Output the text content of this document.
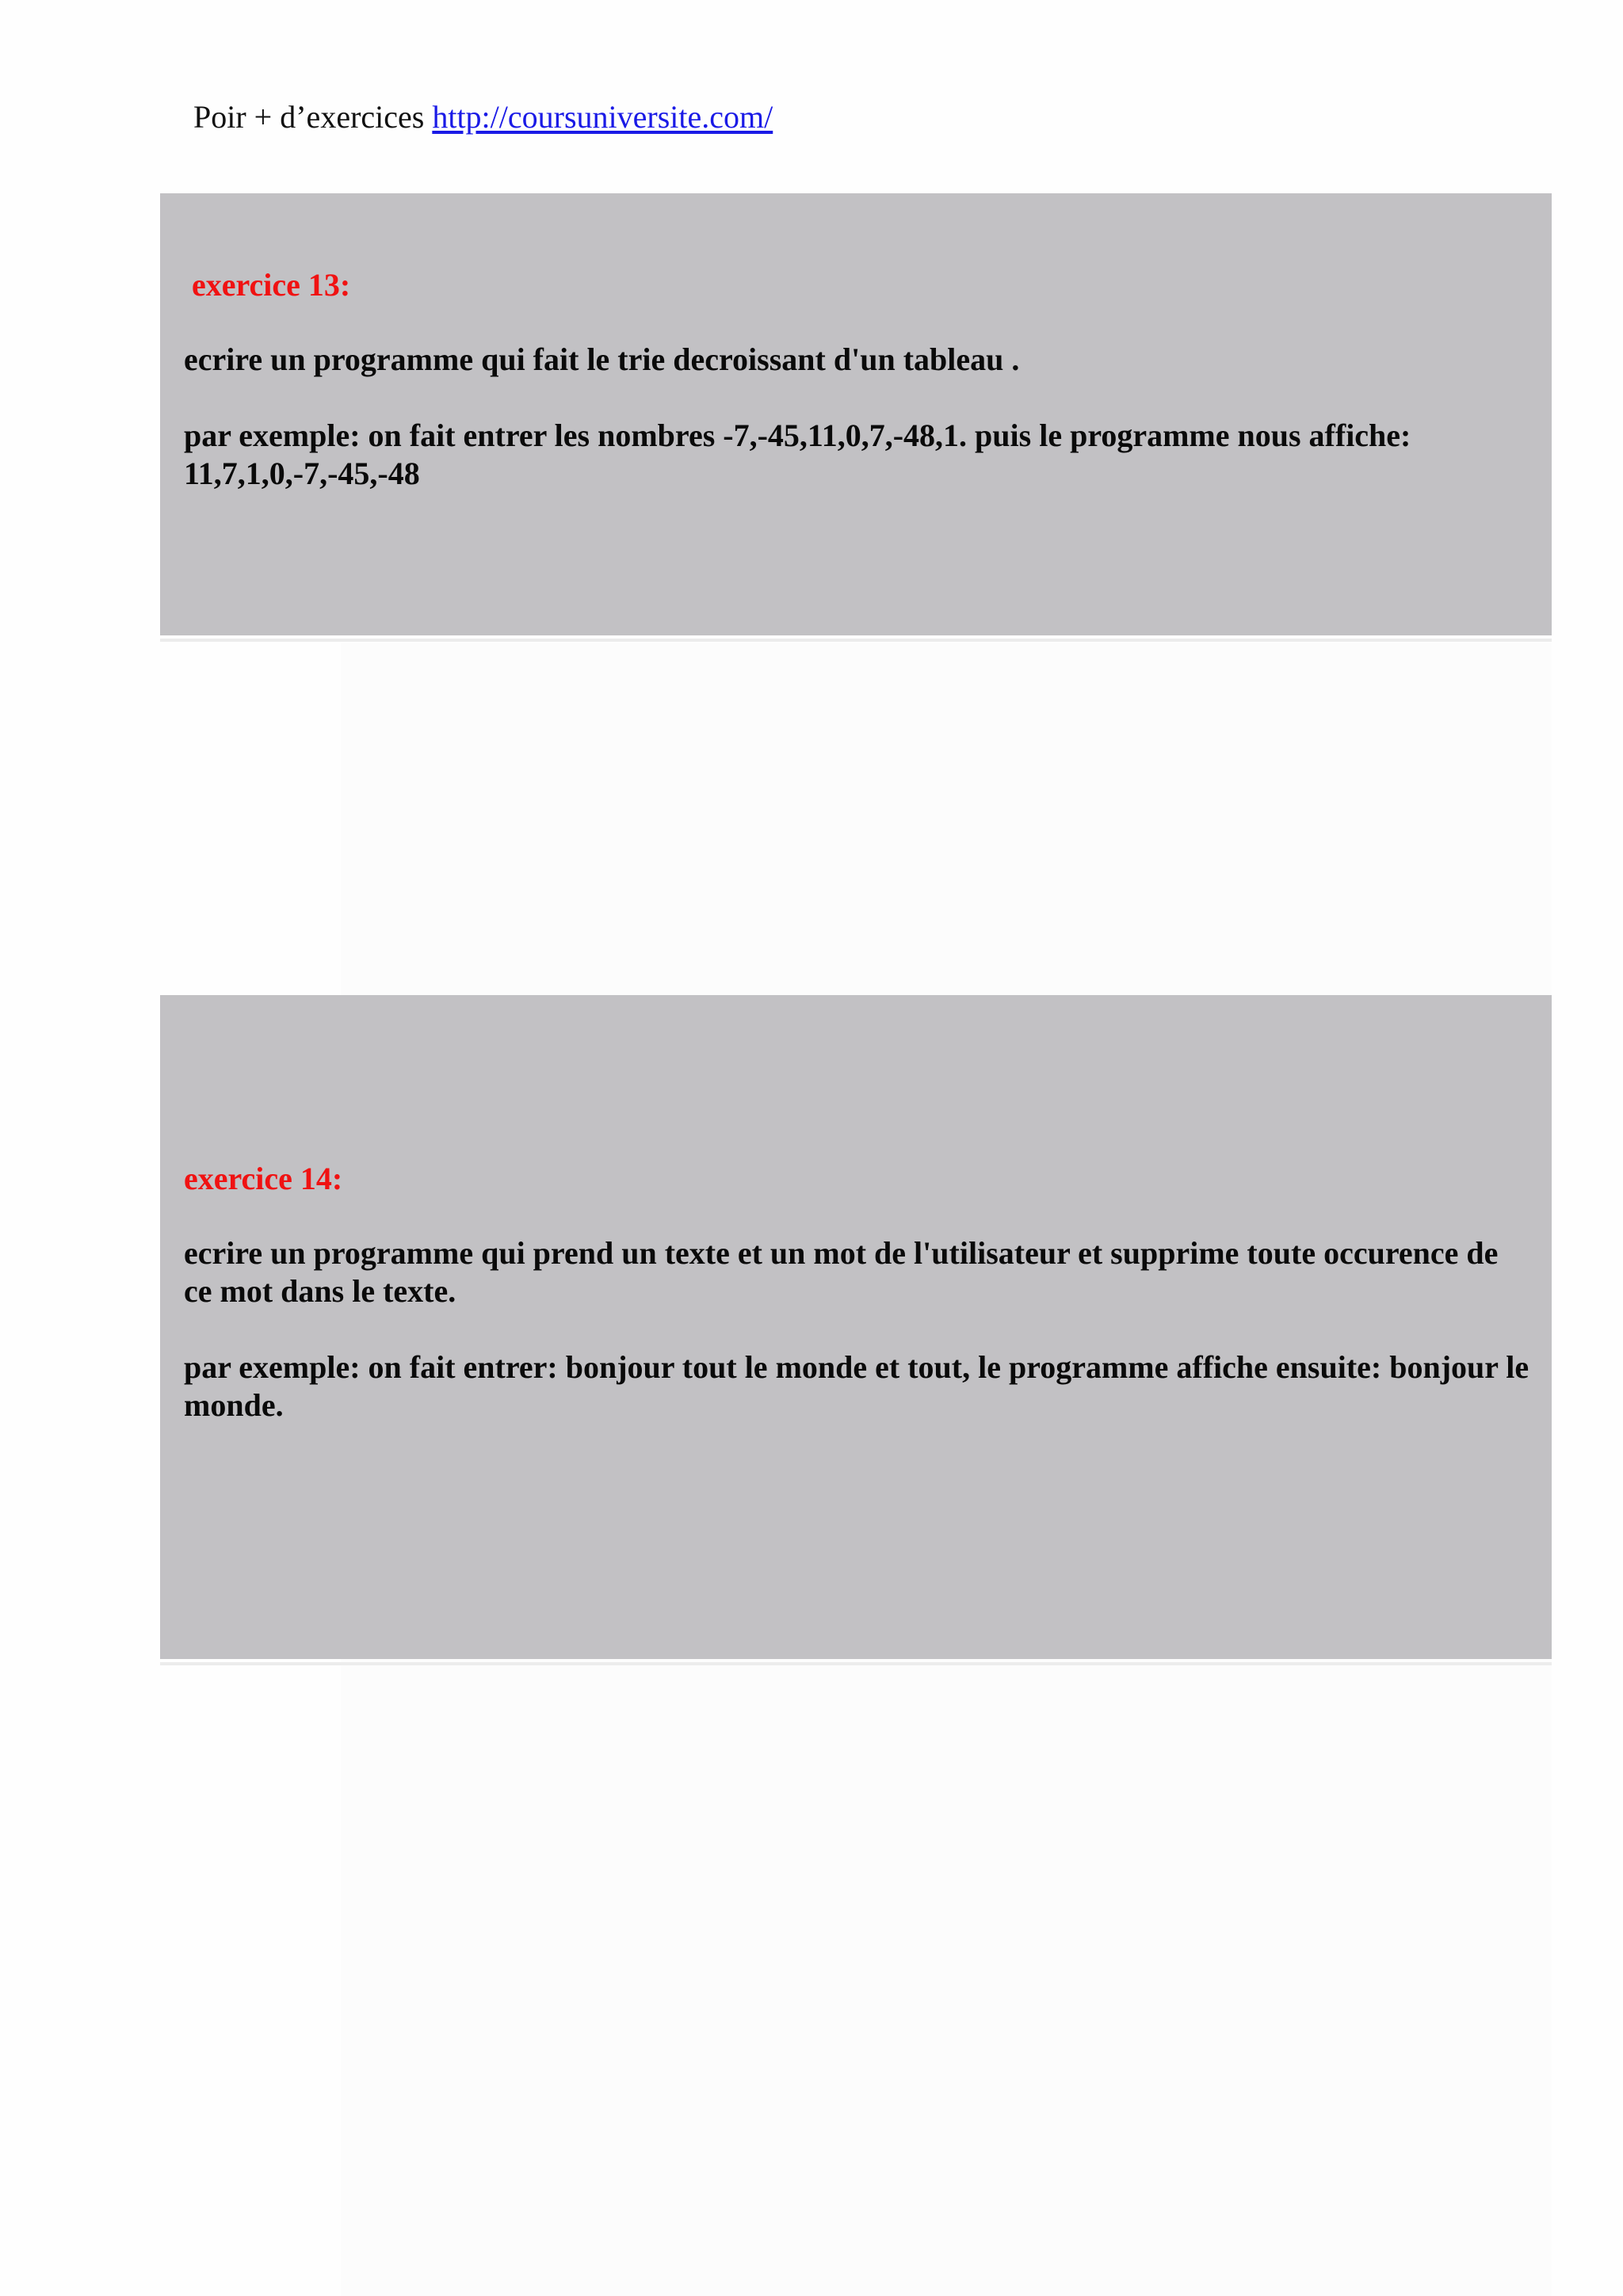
Poir + d’exercices http://coursuniversite.com/
exercice 13:

ecrire un programme qui fait le trie decroissant d'un tableau .

par exemple: on fait entrer les nombres -7,-45,11,0,7,-48,1. puis le programme nous affiche: 11,7,1,0,-7,-45,-48

exercice 14:

ecrire un programme qui prend un texte et un mot de l'utilisateur et supprime toute occurence de ce mot dans le texte.

par exemple: on fait entrer: bonjour tout le monde et tout, le programme affiche ensuite: bonjour le monde.
